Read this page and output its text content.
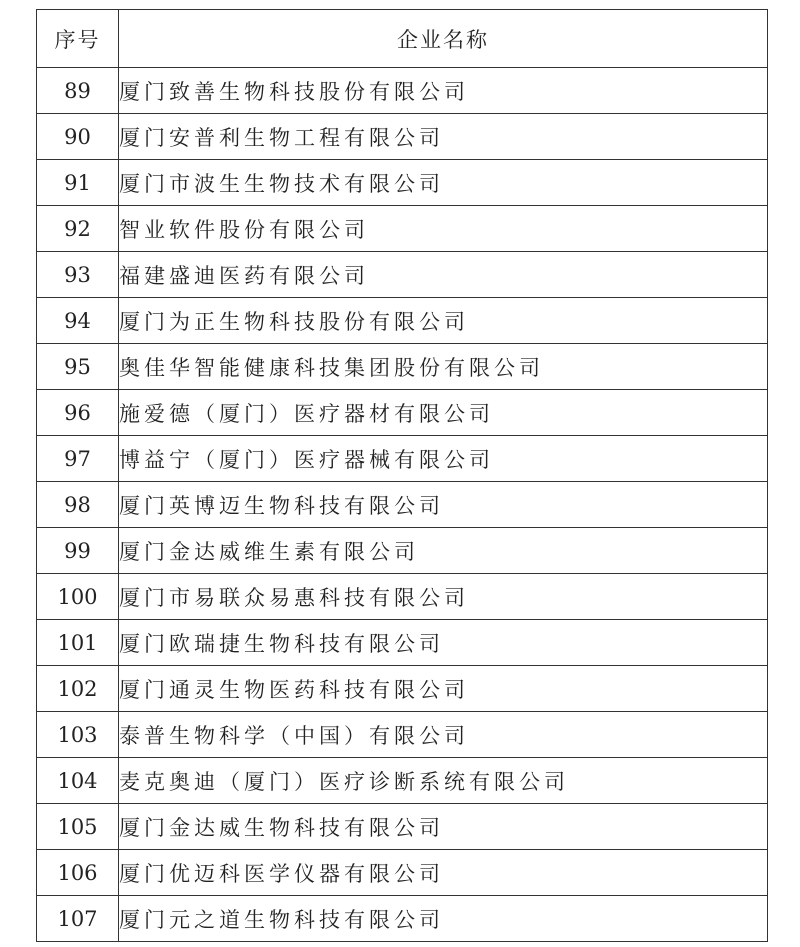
序号	企业名称
89	厦门致善生物科技股份有限公司
90	厦门安普利生物工程有限公司
91	厦门市波生生物技术有限公司
92	智业软件股份有限公司
93	福建盛迪医药有限公司
94	厦门为正生物科技股份有限公司
95	奥佳华智能健康科技集团股份有限公司
96	施爱德（厦门）医疗器材有限公司
97	博益宁（厦门）医疗器械有限公司
98	厦门英博迈生物科技有限公司
99	厦门金达威维生素有限公司
100	厦门市易联众易惠科技有限公司
101	厦门欧瑞捷生物科技有限公司
102	厦门通灵生物医药科技有限公司
103	泰普生物科学（中国）有限公司
104	麦克奥迪（厦门）医疗诊断系统有限公司
105	厦门金达威生物科技有限公司
106	厦门优迈科医学仪器有限公司
107	厦门元之道生物科技有限公司
